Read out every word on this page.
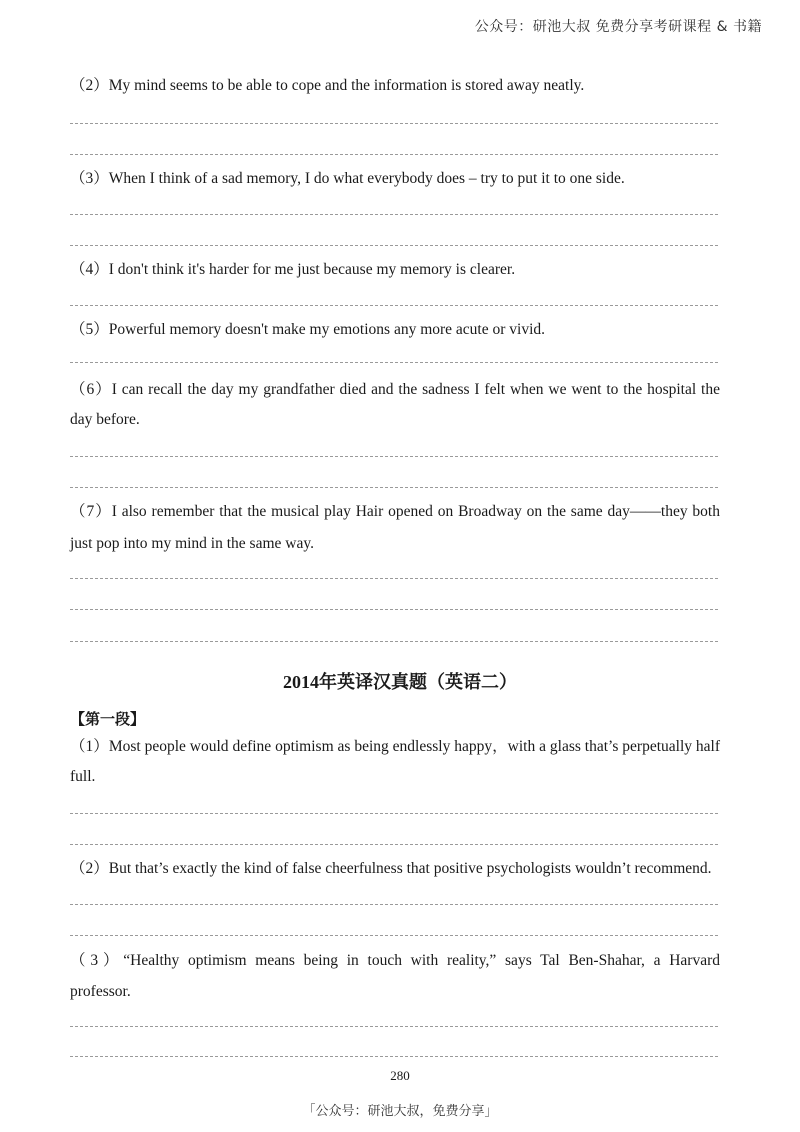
公众号：研池大叔 免费分享考研课程 & 书籍
（2）My mind seems to be able to cope and the information is stored away neatly.
（3）When I think of a sad memory, I do what everybody does – try to put it to one side.
（4）I don't think it's harder for me just because my memory is clearer.
（5）Powerful memory doesn't make my emotions any more acute or vivid.
（6）I can recall the day my grandfather died and the sadness I felt when we went to the hospital the
day before.
（7）I also remember that the musical play Hair opened on Broadway on the same day——they both
just pop into my mind in the same way.
2014年英译汉真题（英语二）
【第一段】
（1）Most people would define optimism as being endlessly happy，with a glass that’s perpetually half
full.
（2）But that’s exactly the kind of false cheerfulness that positive psychologists wouldn’t recommend.
（3）“Healthy optimism means being in touch with reality,” says Tal Ben-Shahar, a Harvard
professor.
280
「公众号：研池大叔，免费分享」
